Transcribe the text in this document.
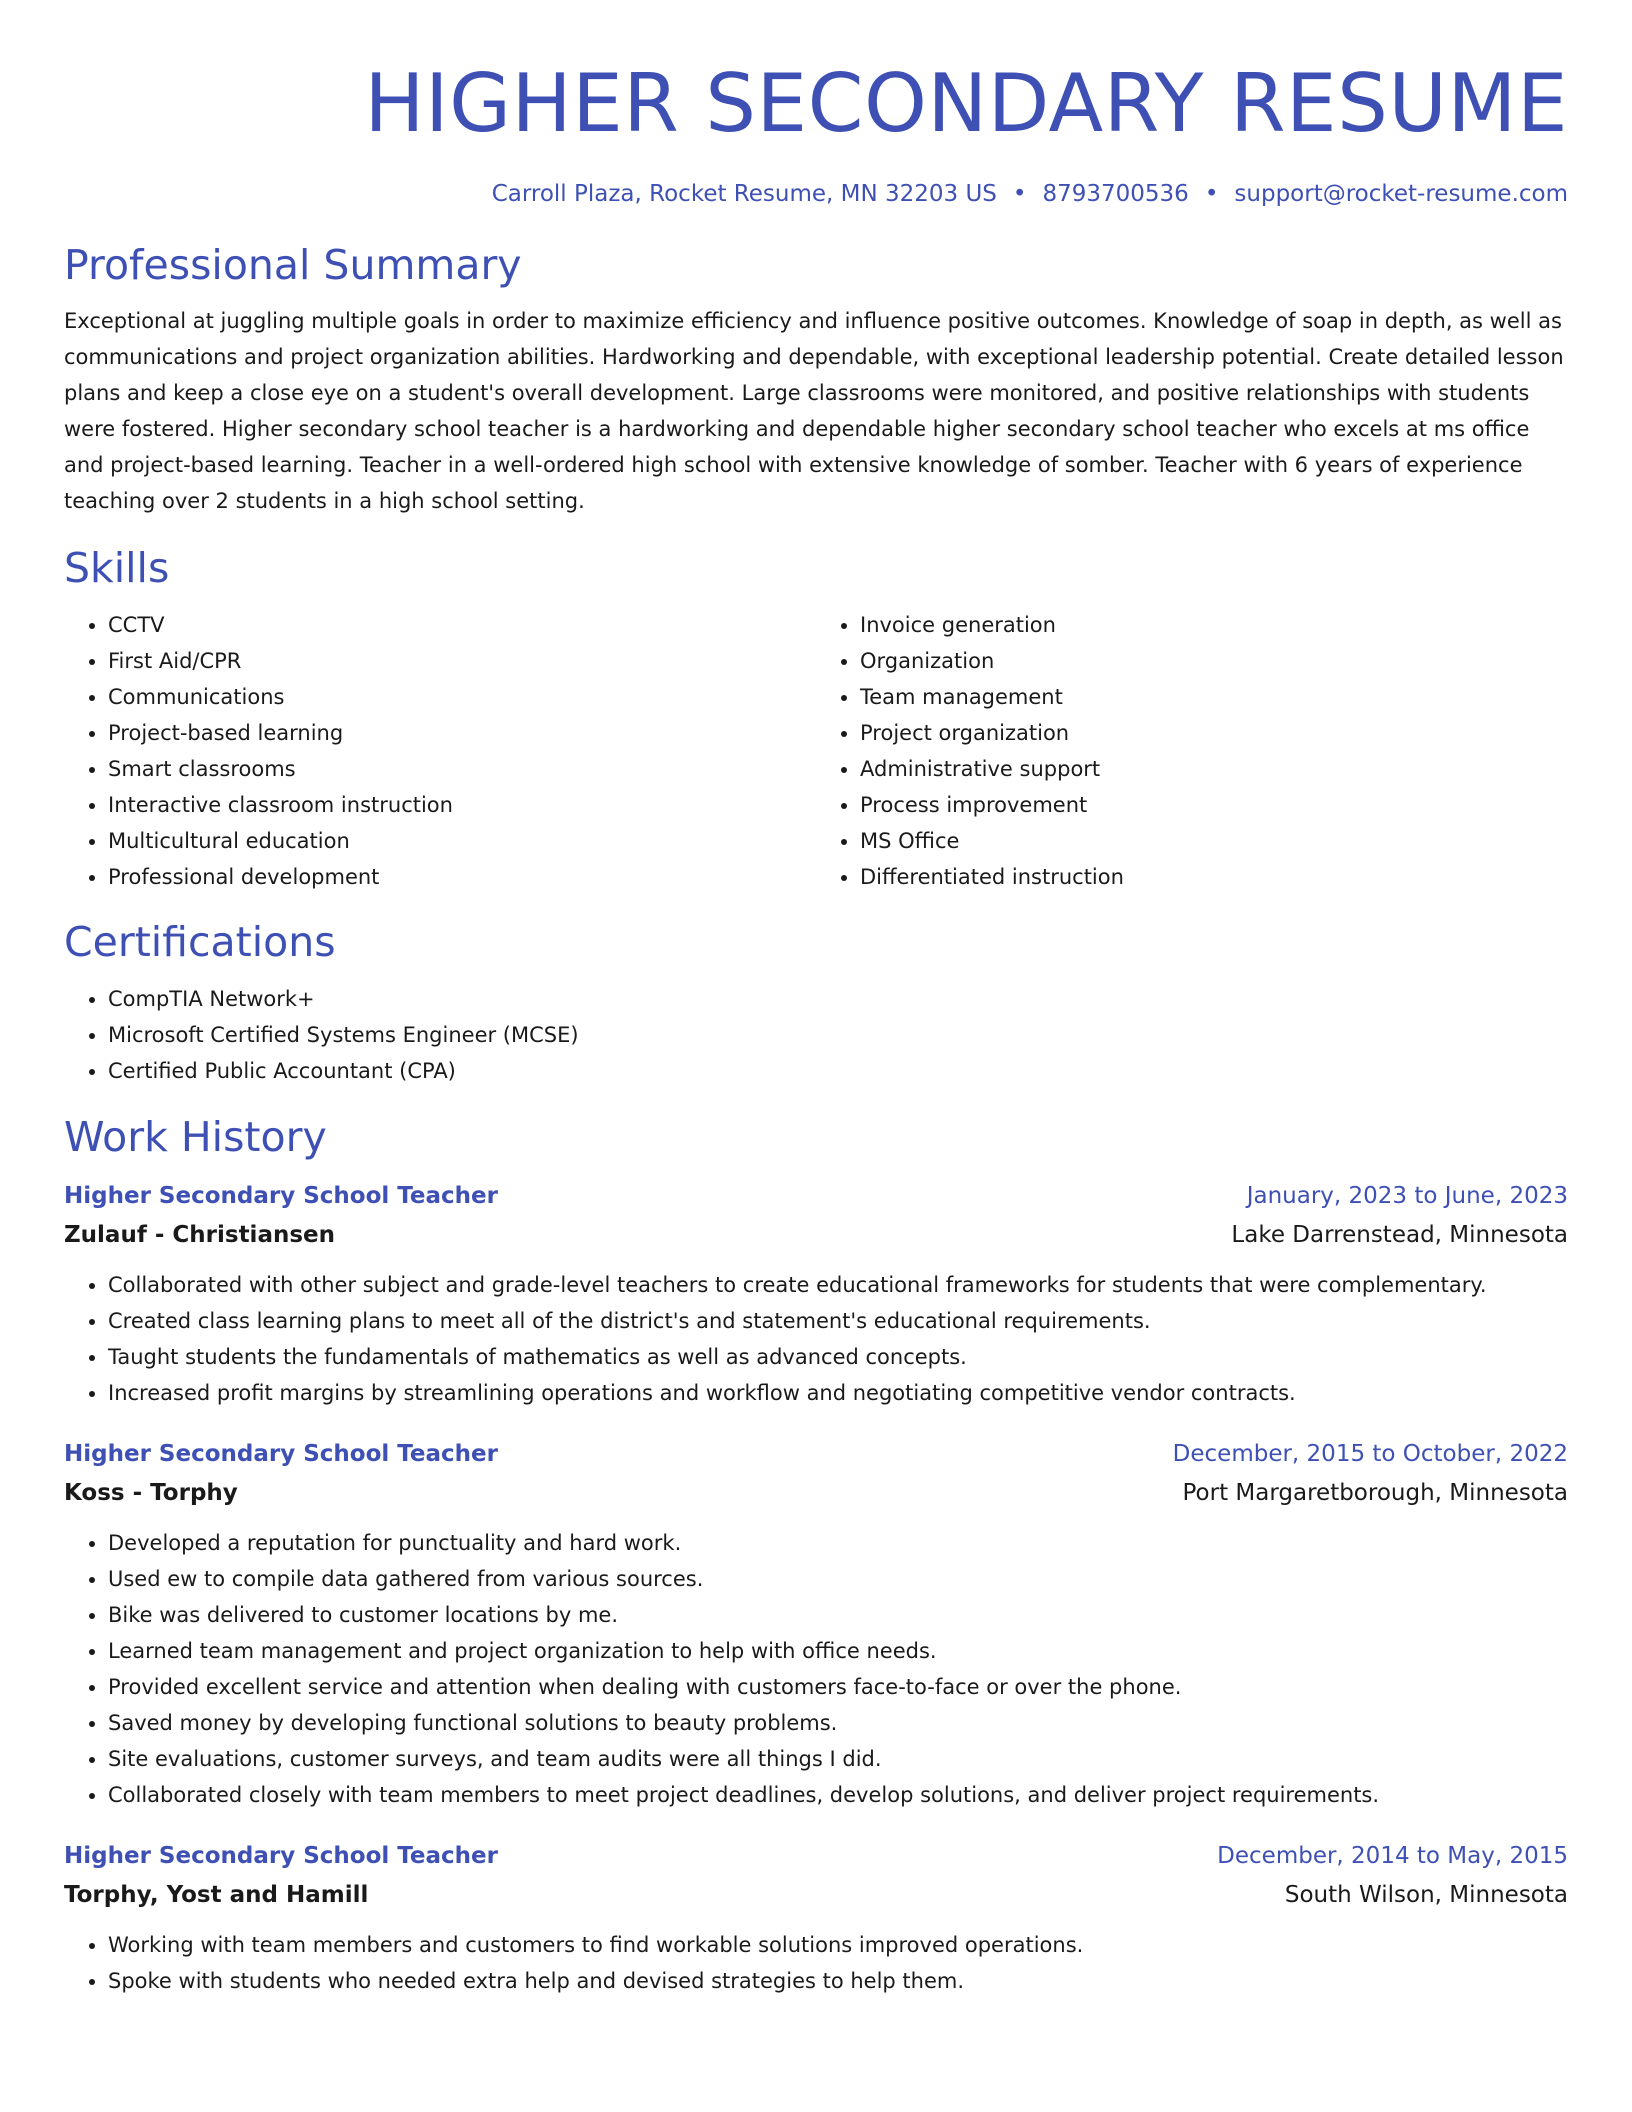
HIGHER SECONDARY RESUME
Carroll Plaza, Rocket Resume, MN 32203 US • 8793700536 • support@rocket-resume.com
Professional Summary
Exceptional at juggling multiple goals in order to maximize efficiency and influence positive outcomes. Knowledge of soap in depth, as well as communications and project organization abilities. Hardworking and dependable, with exceptional leadership potential. Create detailed lesson plans and keep a close eye on a student's overall development. Large classrooms were monitored, and positive relationships with students were fostered. Higher secondary school teacher is a hardworking and dependable higher secondary school teacher who excels at ms office and project-based learning. Teacher in a well-ordered high school with extensive knowledge of somber. Teacher with 6 years of experience teaching over 2 students in a high school setting.
Skills
• CCTV
• First Aid/CPR
• Communications
• Project-based learning
• Smart classrooms
• Interactive classroom instruction
• Multicultural education
• Professional development
• Invoice generation
• Organization
• Team management
• Project organization
• Administrative support
• Process improvement
• MS Office
• Differentiated instruction
Certifications
• CompTIA Network+
• Microsoft Certified Systems Engineer (MCSE)
• Certified Public Accountant (CPA)
Work History
Higher Secondary School Teacher	January, 2023 to June, 2023
Zulauf - Christiansen	Lake Darrenstead, Minnesota
• Collaborated with other subject and grade-level teachers to create educational frameworks for students that were complementary.
• Created class learning plans to meet all of the district's and statement's educational requirements.
• Taught students the fundamentals of mathematics as well as advanced concepts.
• Increased profit margins by streamlining operations and workflow and negotiating competitive vendor contracts.
Higher Secondary School Teacher	December, 2015 to October, 2022
Koss - Torphy	Port Margaretborough, Minnesota
• Developed a reputation for punctuality and hard work.
• Used ew to compile data gathered from various sources.
• Bike was delivered to customer locations by me.
• Learned team management and project organization to help with office needs.
• Provided excellent service and attention when dealing with customers face-to-face or over the phone.
• Saved money by developing functional solutions to beauty problems.
• Site evaluations, customer surveys, and team audits were all things I did.
• Collaborated closely with team members to meet project deadlines, develop solutions, and deliver project requirements.
Higher Secondary School Teacher	December, 2014 to May, 2015
Torphy, Yost and Hamill	South Wilson, Minnesota
• Working with team members and customers to find workable solutions improved operations.
• Spoke with students who needed extra help and devised strategies to help them.
